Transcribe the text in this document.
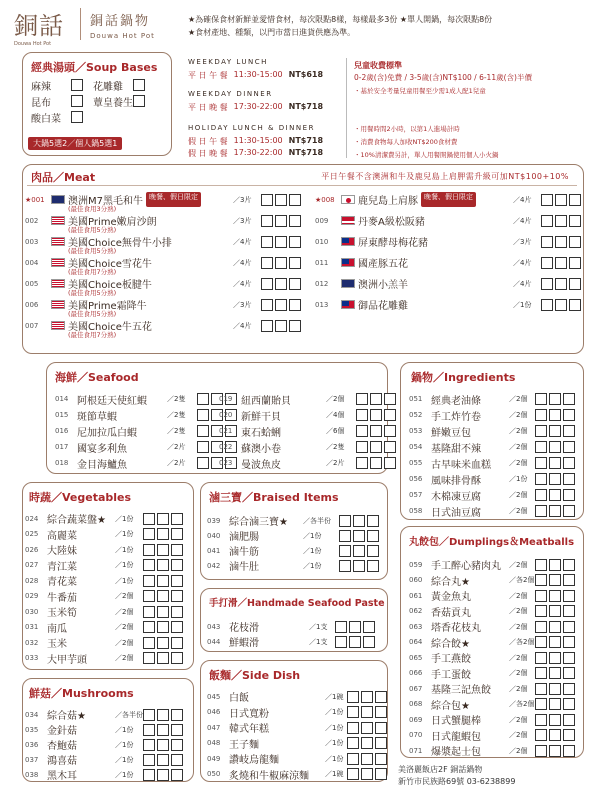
銅話
Douwa Hot Pot
銅話鍋物
Douwa Hot Pot
★為確保食材新鮮並愛惜食材，每次限點8樣，每樣最多3份 ★單人開鍋，每次限點8份
★食材產地、種類，以門市當日進貨供應為準。
經典湯頭／Soup Bases
麻辣	花雕雞
昆布	蕈皇養生
酸白菜
大鍋5選2／個人鍋5選1
WEEKDAY LUNCH
平 日 午 餐 11:30-15:00 NT$618
WEEKDAY DINNER
平 日 晚 餐 17:30-22:00 NT$718
HOLIDAY LUNCH & DINNER
假 日 午 餐 11:30-15:00 NT$718
假 日 晚 餐 17:30-22:00 NT$718
兒童收費標準
0-2歲(含)免費 / 3-5歲(含)NT$100 / 6-11歲(含)半價
・基於安全考量兒童用餐至少需1成人配1兒童
・用餐時間2小時，以第1人進場計時
・消費食物每人加收NT$200食材費
・10%清潔費另計，單人用餐開鍋使用個人小火鍋
肉品／Meat	平日午餐不含澳洲和牛及鹿兒島上肩胛需升級可加NT$100+10%
★001	澳洲M7黑毛和牛 晚餐、假日限定	／3片
(最佳食用3分熟)
002	美國Prime嫩肩沙朗	／3片
(最佳食用5分熟)
003	美國Choice無骨牛小排	／4片
(最佳食用5分熟)
004	美國Choice雪花牛	／4片
(最佳食用7分熟)
005	美國Choice板腱牛	／4片
(最佳食用5分熟)
006	美國Prime霜降牛	／3片
(最佳食用5分熟)
007	美國Choice牛五花	／4片
(最佳食用7分熟)
★008	鹿兒島上肩豚 晚餐、假日限定	／4片
009	丹麥A級松阪豬	／4片
010	屏東酵母梅花豬	／3片
011	國產豚五花	／4片
012	澳洲小羔羊	／4片
013	御品花雕雞	／1份
海鮮／Seafood
014 阿根廷天使紅蝦	／2隻
015 斑節草蝦	／2隻
016 尼加拉瓜白蝦	／2隻
017 國宴多利魚	／2片
018 金目海鱸魚	／2片
019 紐西蘭貽貝	／2個
020 新鮮干貝	／4個
021 東石蛤蜊	／6個
022 蘇澳小卷	／2隻
023 曼波魚皮	／2片
鍋物／Ingredients
051 經典老油條	／2個
052 手工炸竹卷	／2個
053 鮮嫩豆包	／2個
054 基隆甜不辣	／2個
055 古早味米血糕	／2個
056 風味排骨酥	／1份
057 木棉凍豆腐	／2個
058 日式油豆腐	／2個
時蔬／Vegetables
024 綜合蔬菜盤★	／1份
025 高麗菜	／1份
026 大陸妹	／1份
027 青江菜	／1份
028 青花菜	／1份
029 牛番茄	／2個
030 玉米筍	／2個
031 南瓜	／2個
032 玉米	／2個
033 大甲芋頭	／2個
滷三寶／Braised Items
039 綜合滷三寶★	／各半份
040 滷肥腸	／1份
041 滷牛筋	／1份
042 滷牛肚	／1份
手打滑／Handmade Seafood Paste
043 花枝滑	／1支
044 鮮蝦滑	／1支
丸餃包／Dumplings＆Meatballs
059 手工醉心豬肉丸	／2個
060 綜合丸★	／各2個
061 黃金魚丸	／2個
062 香菇貢丸	／2個
063 塔香花枝丸	／2個
064 綜合餃★	／各2個
065 手工燕餃	／2個
066 手工蛋餃	／2個
067 基隆三記魚餃	／2個
068 綜合包★	／各2個
069 日式蟹腿棒	／2個
070 日式龍蝦包	／2個
071 爆漿起士包	／2個
飯麵／Side Dish
045 白飯	／1碗
046 日式寬粉	／1份
047 韓式年糕	／1份
048 王子麵	／1份
049 讚岐烏龍麵	／1份
050 炙燒和牛椒麻涼麵	／1碗
鮮菇／Mushrooms
034 綜合菇★	／各半份
035 金針菇	／1份
036 杏鮑菇	／1份
037 鴻喜菇	／1份
038 黑木耳	／1份
美洛麗飯店2F 銅話鍋物
新竹市民族路69號 03-6238899
